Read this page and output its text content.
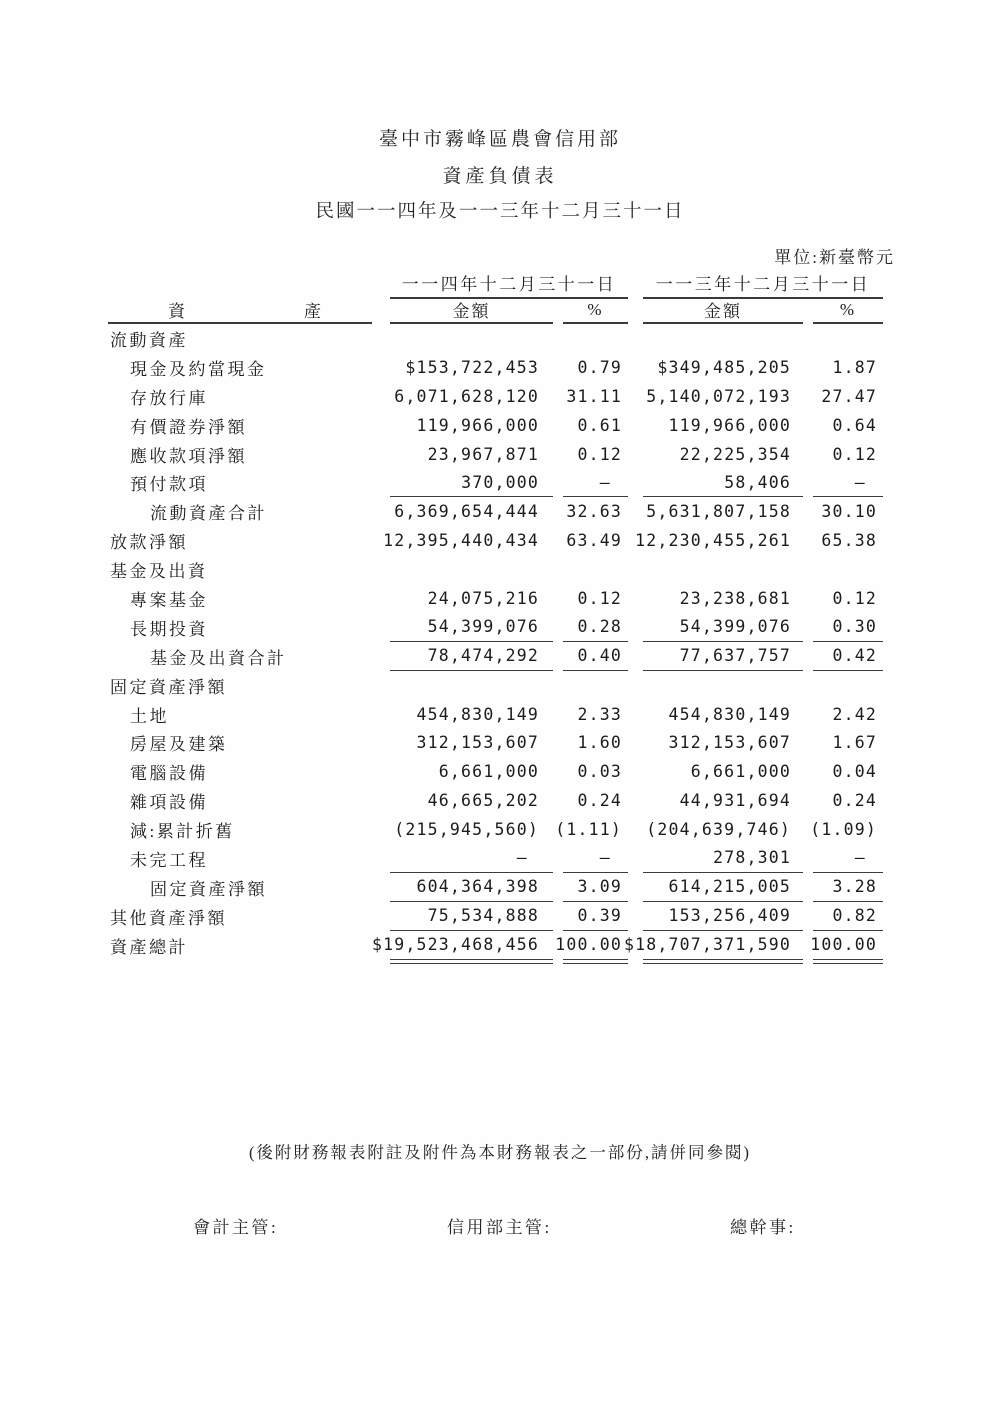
臺中市霧峰區農會信用部
資產負債表
民國一一四年及一一三年十二月三十一日
單位:新臺幣元
一一四年十二月三十一日	一一三年十二月三十一日
資	產	金額	%	金額	%
流動資產
現金及約當現金	$153,722,453	0.79	$349,485,205	1.87
存放行庫	6,071,628,120	31.11	5,140,072,193	27.47
有價證券淨額	119,966,000	0.61	119,966,000	0.64
應收款項淨額	23,967,871	0.12	22,225,354	0.12
預付款項	370,000	–	58,406	–
流動資產合計	6,369,654,444	32.63	5,631,807,158	30.10
放款淨額	12,395,440,434	63.49 12,230,455,261	65.38
基金及出資
專案基金	24,075,216	0.12	23,238,681	0.12
長期投資	54,399,076	0.28	54,399,076	0.30
基金及出資合計	78,474,292	0.40	77,637,757	0.42
固定資產淨額
土地	454,830,149	2.33	454,830,149	2.42
房屋及建築	312,153,607	1.60	312,153,607	1.67
電腦設備	6,661,000	0.03	6,661,000	0.04
雜項設備	46,665,202	0.24	44,931,694	0.24
減:累計折舊	(215,945,560) (1.11)	(204,639,746)	(1.09)
未完工程	–	–	278,301	–
固定資產淨額	604,364,398	3.09	614,215,005	3.28
其他資產淨額	75,534,888	0.39	153,256,409	0.82
資產總計	$19,523,468,456 100.00 $18,707,371,590	100.00
(後附財務報表附註及附件為本財務報表之一部份,請併同參閱)
會計主管:	信用部主管:	總幹事:
